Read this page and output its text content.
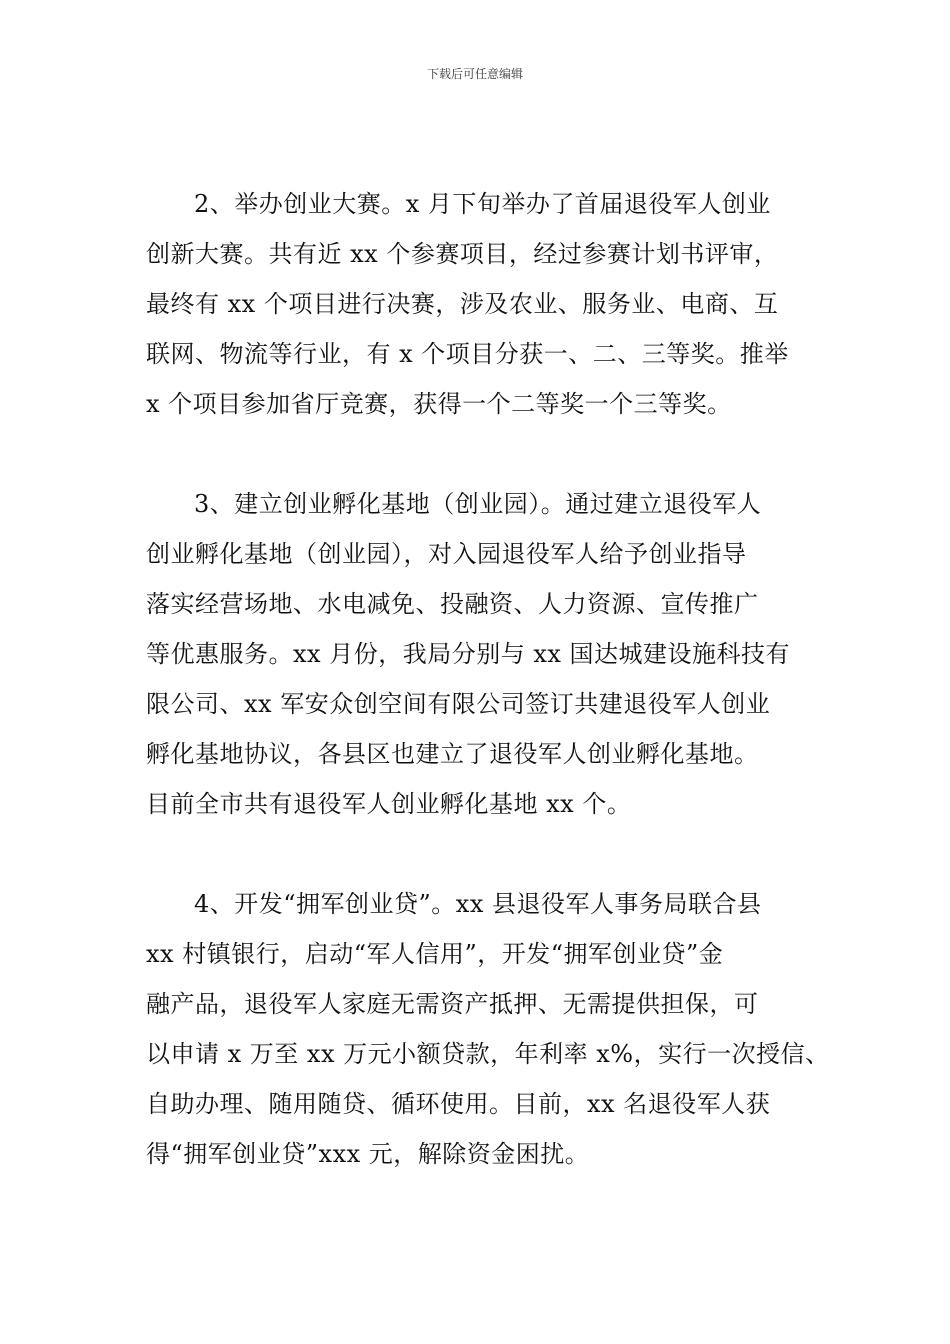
下载后可任意编辑

2、举办创业大赛。x 月下旬举办了首届退役军人创业
创新大赛。共有近 xx 个参赛项目，经过参赛计划书评审，
最终有 xx 个项目进行决赛，涉及农业、服务业、电商、互
联网、物流等行业，有 x 个项目分获一、二、三等奖。推举
x 个项目参加省厅竞赛，获得一个二等奖一个三等奖。

3、建立创业孵化基地（创业园）。通过建立退役军人
创业孵化基地（创业园），对入园退役军人给予创业指导
落实经营场地、水电减免、投融资、人力资源、宣传推广
等优惠服务。xx 月份，我局分别与 xx 国达城建设施科技有
限公司、xx 军安众创空间有限公司签订共建退役军人创业
孵化基地协议，各县区也建立了退役军人创业孵化基地。
目前全市共有退役军人创业孵化基地 xx 个。

4、开发“拥军创业贷”。xx 县退役军人事务局联合县
xx 村镇银行，启动“军人信用”，开发“拥军创业贷”金
融产品，退役军人家庭无需资产抵押、无需提供担保，可
以申请 x 万至 xx 万元小额贷款，年利率 x%，实行一次授信、
自助办理、随用随贷、循环使用。目前，xx 名退役军人获
得“拥军创业贷”xxx 元，解除资金困扰。
